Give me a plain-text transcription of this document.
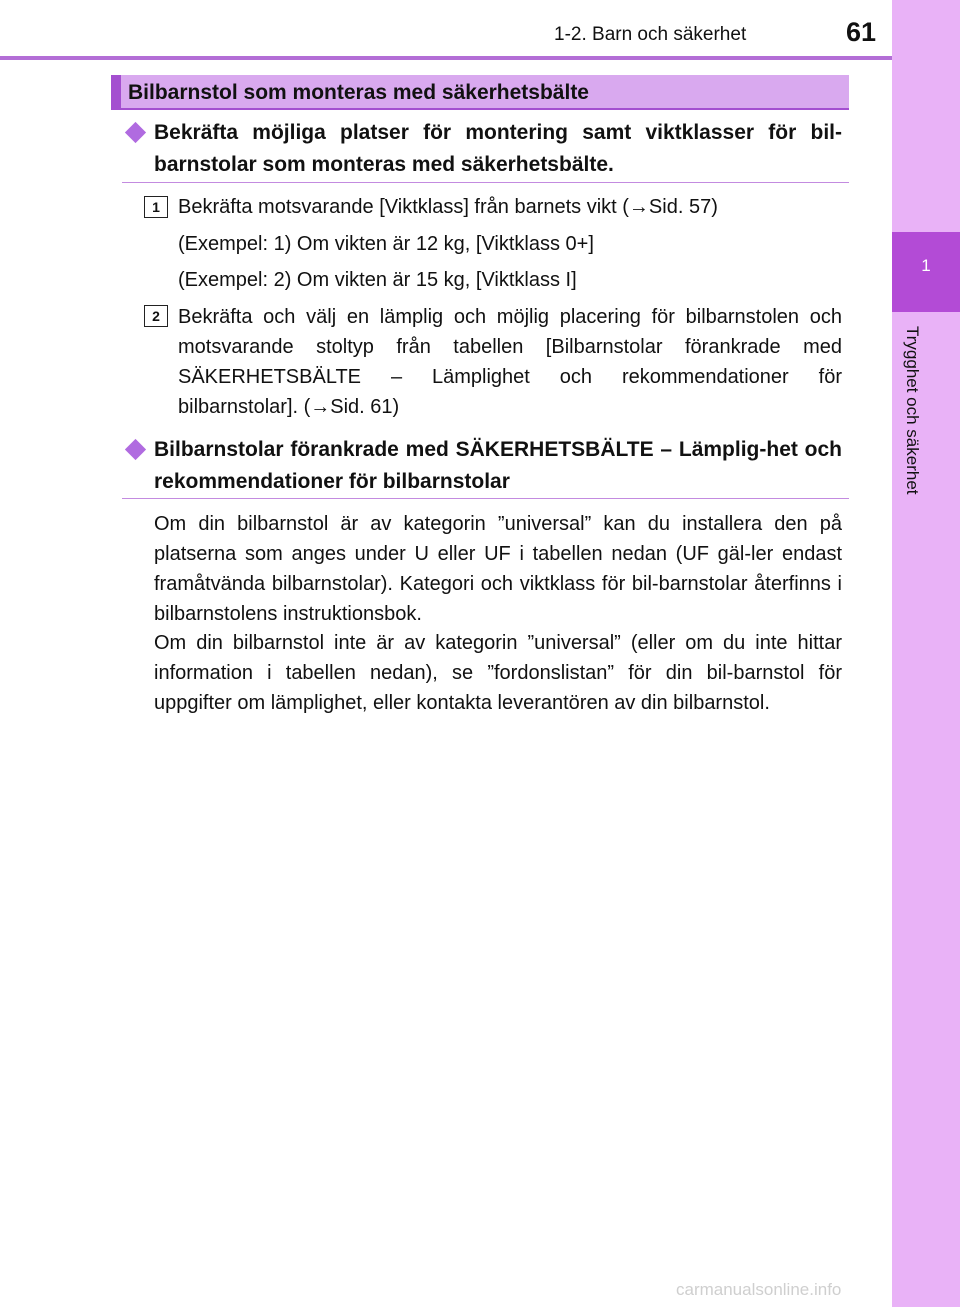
1-2. Barn och säkerhet	61
1
Trygghet och säkerhet
Bilbarnstol som monteras med säkerhetsbälte
Bekräfta möjliga platser för montering samt viktklasser för bil-barnstolar som monteras med säkerhetsbälte.
1 Bekräfta motsvarande [Viktklass] från barnets vikt (→Sid. 57)
(Exempel: 1) Om vikten är 12 kg, [Viktklass 0+]
(Exempel: 2) Om vikten är 15 kg, [Viktklass I]
2 Bekräfta och välj en lämplig och möjlig placering för bilbarnstolen och motsvarande stoltyp från tabellen [Bilbarnstolar förankrade med SÄKERHETSBÄLTE – Lämplighet och rekommendationer för bilbarnstolar]. (→Sid. 61)
Bilbarnstolar förankrade med SÄKERHETSBÄLTE – Lämplig-het och rekommendationer för bilbarnstolar
Om din bilbarnstol är av kategorin ”universal” kan du installera den på platserna som anges under U eller UF i tabellen nedan (UF gäl-ler endast framåtvända bilbarnstolar). Kategori och viktklass för bil-barnstolar återfinns i bilbarnstolens instruktionsbok.
Om din bilbarnstol inte är av kategorin ”universal” (eller om du inte hittar information i tabellen nedan), se ”fordonslistan” för din bil-barnstol för uppgifter om lämplighet, eller kontakta leverantören av din bilbarnstol.
carmanualsonline.info
